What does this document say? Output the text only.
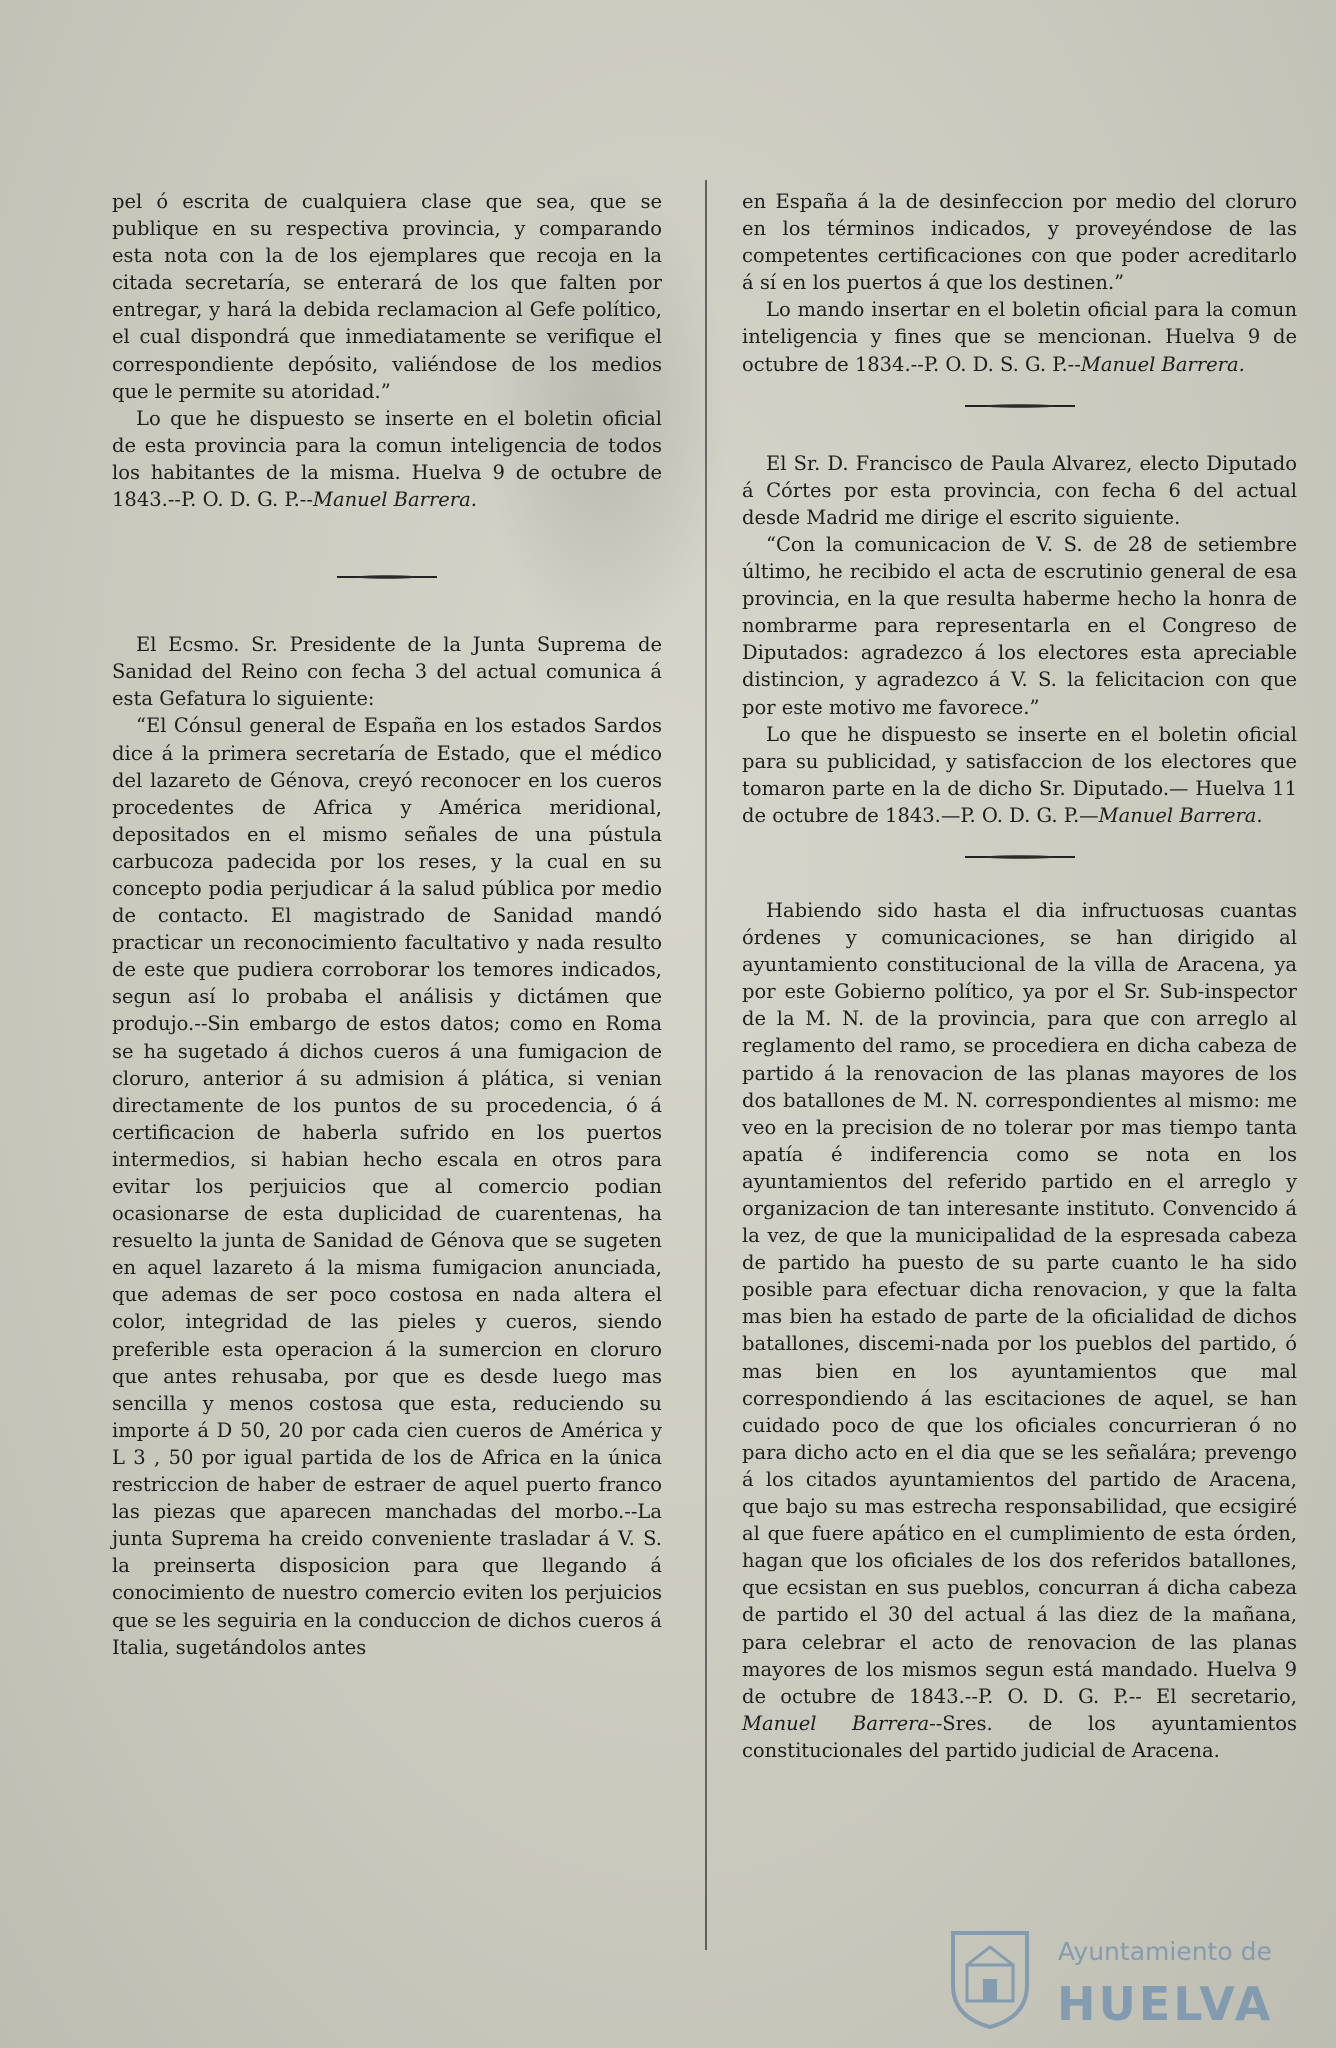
pel ó escrita de cualquiera clase que sea, que se publique en su respectiva provincia, y comparando esta nota con la de los ejemplares que recoja en la citada secretaría, se enterará de los que falten por entregar, y hará la debida reclamacion al Gefe político, el cual dispondrá que inmediatamente se verifique el correspondiente depósito, valiéndose de los medios que le permite su atoridad.”

Lo que he dispuesto se inserte en el boletin oficial de esta provincia para la comun inteligencia de todos los habitantes de la misma. Huelva 9 de octubre de 1843.--P. O. D. G. P.--Manuel Barrera.

El Ecsmo. Sr. Presidente de la Junta Suprema de Sanidad del Reino con fecha 3 del actual comunica á esta Gefatura lo siguiente:

“El Cónsul general de España en los estados Sardos dice á la primera secretaría de Estado, que el médico del lazareto de Génova, creyó reconocer en los cueros procedentes de Africa y América meridional, depositados en el mismo señales de una pústula carbucoza padecida por los reses, y la cual en su concepto podia perjudicar á la salud pública por medio de contacto. El magistrado de Sanidad mandó practicar un reconocimiento facultativo y nada resulto de este que pudiera corroborar los temores indicados, segun así lo probaba el análisis y dictámen que produjo.--Sin embargo de estos datos; como en Roma se ha sugetado á dichos cueros á una fumigacion de cloruro, anterior á su admision á plática, si venian directamente de los puntos de su procedencia, ó á certificacion de haberla sufrido en los puertos intermedios, si habian hecho escala en otros para evitar los perjuicios que al comercio podian ocasionarse de esta duplicidad de cuarentenas, ha resuelto la junta de Sanidad de Génova que se sugeten en aquel lazareto á la misma fumigacion anunciada, que ademas de ser poco costosa en nada altera el color, integridad de las pieles y cueros, siendo preferible esta operacion á la sumercion en cloruro que antes rehusaba, por que es desde luego mas sencilla y menos costosa que esta, reduciendo su importe á D 50, 20 por cada cien cueros de América y L 3 , 50 por igual partida de los de Africa en la única restriccion de haber de estraer de aquel puerto franco las piezas que aparecen manchadas del morbo.--La junta Suprema ha creido conveniente trasladar á V. S. la preinserta disposicion para que llegando á conocimiento de nuestro comercio eviten los perjuicios que se les seguiria en la conduccion de dichos cueros á Italia, sugetándolos antes

en España á la de desinfeccion por medio del cloruro en los términos indicados, y proveyéndose de las competentes certificaciones con que poder acreditarlo á sí en los puertos á que los destinen.”

Lo mando insertar en el boletin oficial para la comun inteligencia y fines que se mencionan. Huelva 9 de octubre de 1834.--P. O. D. S. G. P.--Manuel Barrera.

El Sr. D. Francisco de Paula Alvarez, electo Diputado á Córtes por esta provincia, con fecha 6 del actual desde Madrid me dirige el escrito siguiente.

“Con la comunicacion de V. S. de 28 de setiembre último, he recibido el acta de escrutinio general de esa provincia, en la que resulta haberme hecho la honra de nombrarme para representarla en el Congreso de Diputados: agradezco á los electores esta apreciable distincion, y agradezco á V. S. la felicitacion con que por este motivo me favorece.”

Lo que he dispuesto se inserte en el boletin oficial para su publicidad, y satisfaccion de los electores que tomaron parte en la de dicho Sr. Diputado.— Huelva 11 de octubre de 1843.—P. O. D. G. P.—Manuel Barrera.

Habiendo sido hasta el dia infructuosas cuantas órdenes y comunicaciones, se han dirigido al ayuntamiento constitucional de la villa de Aracena, ya por este Gobierno político, ya por el Sr. Sub-inspector de la M. N. de la provincia, para que con arreglo al reglamento del ramo, se procediera en dicha cabeza de partido á la renovacion de las planas mayores de los dos batallones de M. N. correspondientes al mismo: me veo en la precision de no tolerar por mas tiempo tanta apatía é indiferencia como se nota en los ayuntamientos del referido partido en el arreglo y organizacion de tan interesante instituto. Convencido á la vez, de que la municipalidad de la espresada cabeza de partido ha puesto de su parte cuanto le ha sido posible para efectuar dicha renovacion, y que la falta mas bien ha estado de parte de la oficialidad de dichos batallones, discemi-nada por los pueblos del partido, ó mas bien en los ayuntamientos que mal correspondiendo á las escitaciones de aquel, se han cuidado poco de que los oficiales concurrieran ó no para dicho acto en el dia que se les señalára; prevengo á los citados ayuntamientos del partido de Aracena, que bajo su mas estrecha responsabilidad, que ecsigiré al que fuere apático en el cumplimiento de esta órden, hagan que los oficiales de los dos referidos batallones, que ecsistan en sus pueblos, concurran á dicha cabeza de partido el 30 del actual á las diez de la mañana, para celebrar el acto de renovacion de las planas mayores de los mismos segun está mandado. Huelva 9 de octubre de 1843.--P. O. D. G. P.-- El secretario, Manuel Barrera--Sres. de los ayuntamientos constitucionales del partido judicial de Aracena.

Ayuntamiento de
HUELVA
